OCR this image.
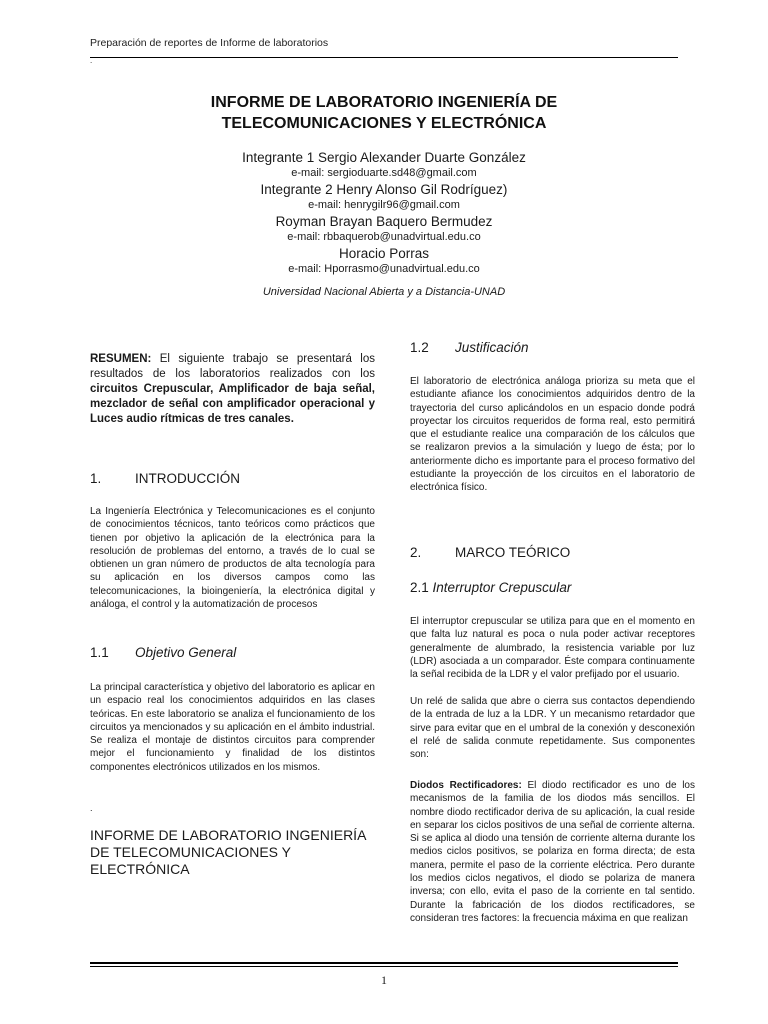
Preparación de reportes de Informe de laboratorios
.
INFORME DE LABORATORIO INGENIERÍA DE
TELECOMUNICACIONES Y ELECTRÓNICA
Integrante 1 Sergio Alexander Duarte González
e-mail: sergioduarte.sd48@gmail.com
Integrante 2 Henry Alonso Gil Rodríguez)
e-mail: henrygilr96@gmail.com
Royman Brayan Baquero Bermudez
e-mail: rbbaquerob@unadvirtual.edu.co
Horacio Porras
e-mail: Hporrasmo@unadvirtual.edu.co
Universidad Nacional Abierta y a Distancia-UNAD

RESUMEN: El siguiente trabajo se presentará los resultados de los laboratorios realizados con los circuitos Crepuscular, Amplificador de baja señal, mezclador de señal con amplificador operacional y Luces audio rítmicas de tres canales.

1. INTRODUCCIÓN

La Ingeniería Electrónica y Telecomunicaciones es el conjunto de conocimientos técnicos, tanto teóricos como prácticos que tienen por objetivo la aplicación de la electrónica para la resolución de problemas del entorno, a través de lo cual se obtienen un gran número de productos de alta tecnología para su aplicación en los diversos campos como las telecomunicaciones, la bioingeniería, la electrónica digital y análoga, el control y la automatización de procesos

1.1 Objetivo General

La principal característica y objetivo del laboratorio es aplicar en un espacio real los conocimientos adquiridos en las clases teóricas. En este laboratorio se analiza el funcionamiento de los circuitos ya mencionados y su aplicación en el ámbito industrial. Se realiza el montaje de distintos circuitos para comprender mejor el funcionamiento y finalidad de los distintos componentes electrónicos utilizados en los mismos.

.
INFORME DE LABORATORIO INGENIERÍA DE TELECOMUNICACIONES Y ELECTRÓNICA
1.2 Justificación

El laboratorio de electrónica análoga prioriza su meta que el estudiante afiance los conocimientos adquiridos dentro de la trayectoria del curso aplicándolos en un espacio donde podrá proyectar los circuitos requeridos de forma real, esto permitirá que el estudiante realice una comparación de los cálculos que se realizaron previos a la simulación y luego de ésta; por lo anteriormente dicho es importante para el proceso formativo del estudiante la proyección de los circuitos en el laboratorio de electrónica físico.

2. MARCO TEÓRICO
2.1 Interruptor Crepuscular

El interruptor crepuscular se utiliza para que en el momento en que falta luz natural es poca o nula poder activar receptores generalmente de alumbrado, la resistencia variable por luz (LDR) asociada a un comparador. Éste compara continuamente la señal recibida de la LDR y el valor prefijado por el usuario.

Un relé de salida que abre o cierra sus contactos dependiendo de la entrada de luz a la LDR. Y un mecanismo retardador que sirve para evitar que en el umbral de la conexión y desconexión el relé de salida conmute repetidamente. Sus componentes son:

Diodos Rectificadores: El diodo rectificador es uno de los mecanismos de la familia de los diodos más sencillos. El nombre diodo rectificador deriva de su aplicación, la cual reside en separar los ciclos positivos de una señal de corriente alterna. Si se aplica al diodo una tensión de corriente alterna durante los medios ciclos positivos, se polariza en forma directa; de esta manera, permite el paso de la corriente eléctrica. Pero durante los medios ciclos negativos, el diodo se polariza de manera inversa; con ello, evita el paso de la corriente en tal sentido. Durante la fabricación de los diodos rectificadores, se consideran tres factores: la frecuencia máxima en que realizan

1
